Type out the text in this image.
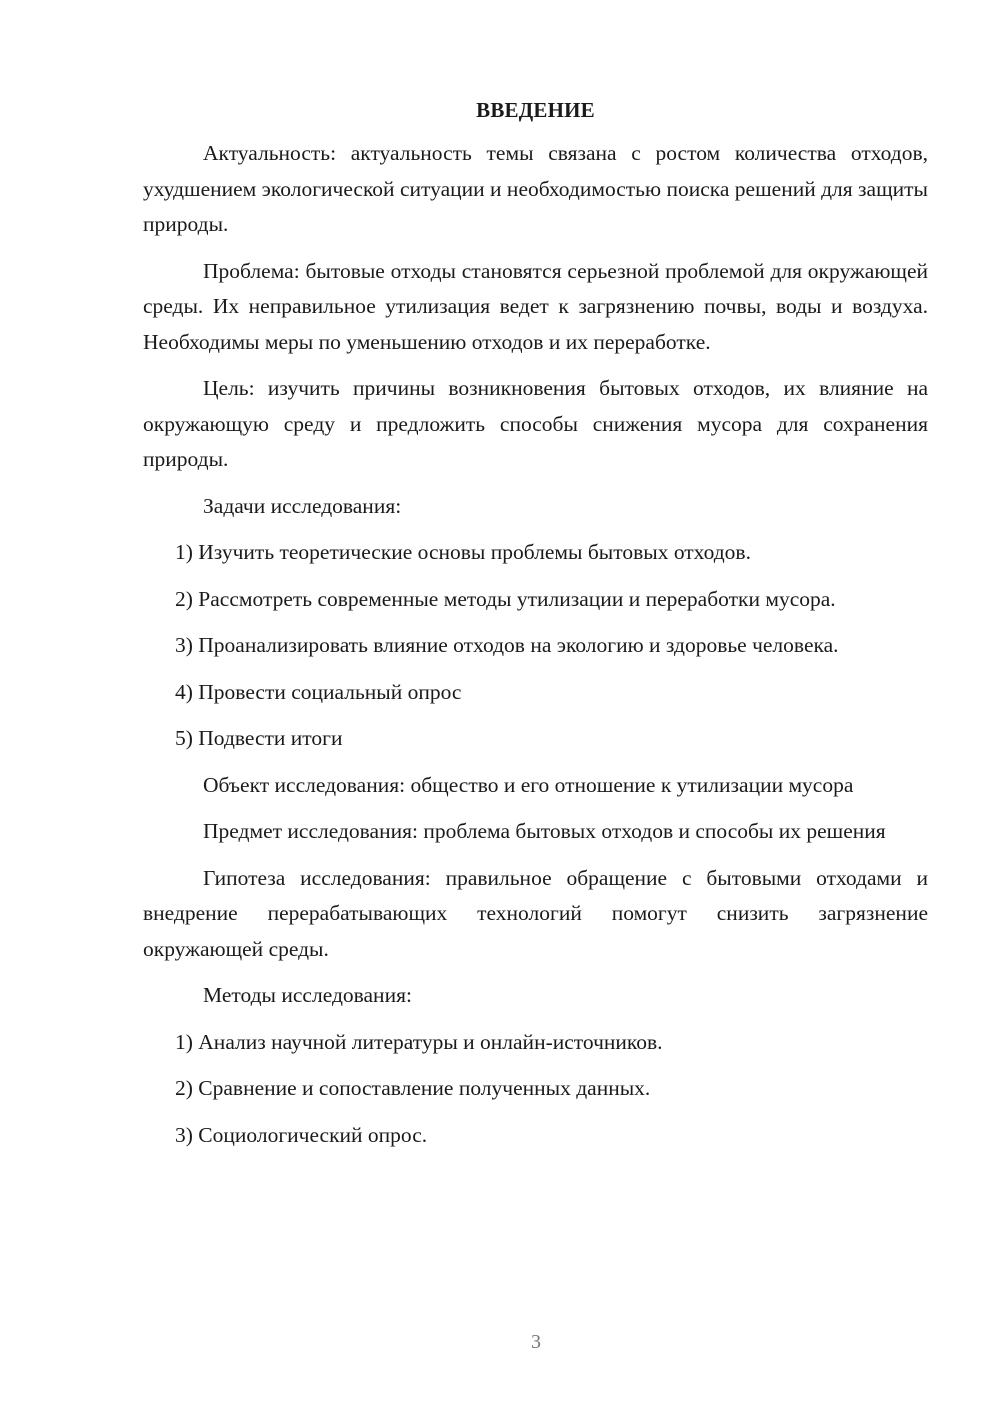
ВВЕДЕНИЕ

Актуальность: актуальность темы связана с ростом количества отходов, ухудшением экологической ситуации и необходимостью поиска решений для защиты природы.

Проблема: бытовые отходы становятся серьезной проблемой для окружающей среды. Их неправильное утилизация ведет к загрязнению почвы, воды и воздуха. Необходимы меры по уменьшению отходов и их переработке.

Цель: изучить причины возникновения бытовых отходов, их влияние на окружающую среду и предложить способы снижения мусора для сохранения природы.

Задачи исследования:

1) Изучить теоретические основы проблемы бытовых отходов.

2) Рассмотреть современные методы утилизации и переработки мусора.

3) Проанализировать влияние отходов на экологию и здоровье человека.

4) Провести социальный опрос

5) Подвести итоги

Объект исследования: общество и его отношение к утилизации мусора

Предмет исследования: проблема бытовых отходов и способы их решения

Гипотеза исследования: правильное обращение с бытовыми отходами и внедрение перерабатывающих технологий помогут снизить загрязнение окружающей среды.

Методы исследования:

1) Анализ научной литературы и онлайн-источников.

2) Сравнение и сопоставление полученных данных.

3) Социологический опрос.

3
